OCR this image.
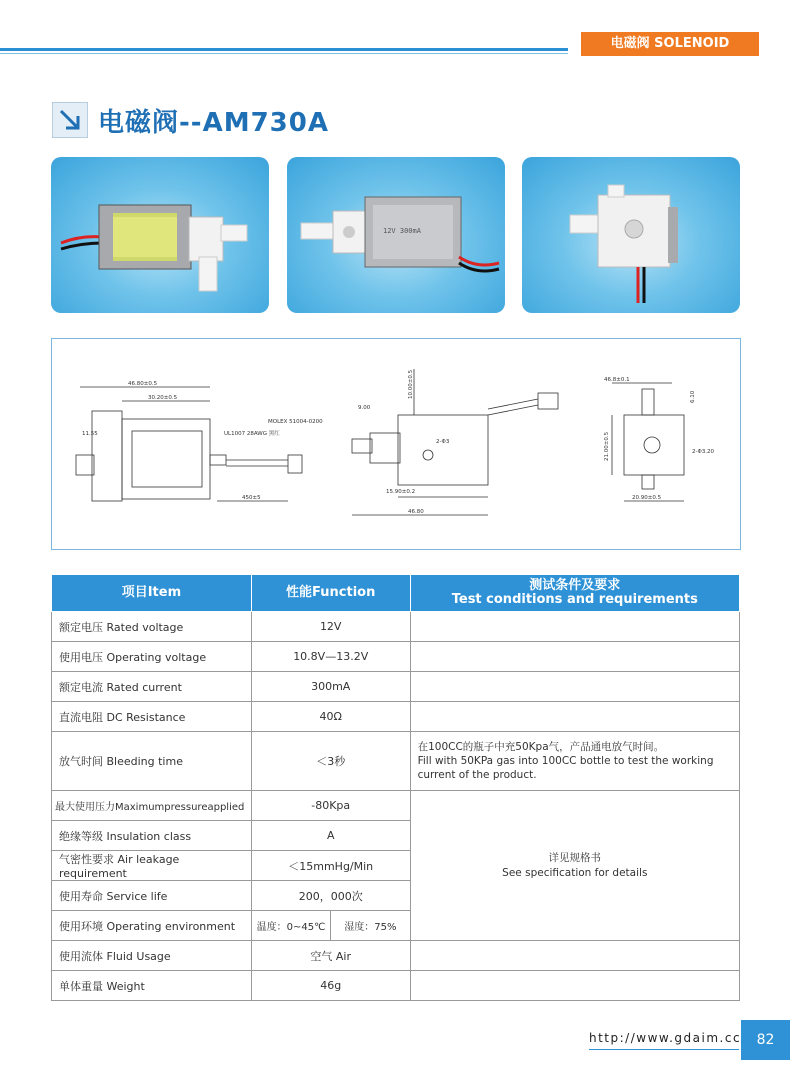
电磁阀 SOLENOID
电磁阀--AM730A
12V 300mA
46.80±0.5
30.20±0.5
11.55	UL1007 28AWG 黑红
MOLEX 51004-0200
450±5
9.00
10.00±0.5
15.90±0.2
46.80
2-Φ3
46.8±0.1
6.10
21.00±0.5	2-Φ3.20
20.90±0.5
项目Item	性能Function	测试条件及要求
Test conditions and requirements

额定电压 Rated voltage	12V	
使用电压 Operating voltage	10.8V—13.2V	
额定电流 Rated current	300mA	
直流电阻 DC Resistance	40Ω	
放气时间 Bleeding time	＜3秒	在100CC的瓶子中充50Kpa气，产品通电放气时间。
Fill with 50KPa gas into 100CC bottle to test the working current of the product.

最大使用压力Maximumpressureapplied	-80Kpa	详见规格书
See specification for details

绝缘等级 Insulation class	A	
气密性要求 Air leakage requirement	＜15mmHg/Min	
使用寿命 Service life	200，000次	
使用环境 Operating environment	温度：0~45℃ 湿度：75%	

使用流体 Fluid Usage	空气 Air	
单体重量 Weight	46g	
http://www.gdaim.cc	82
